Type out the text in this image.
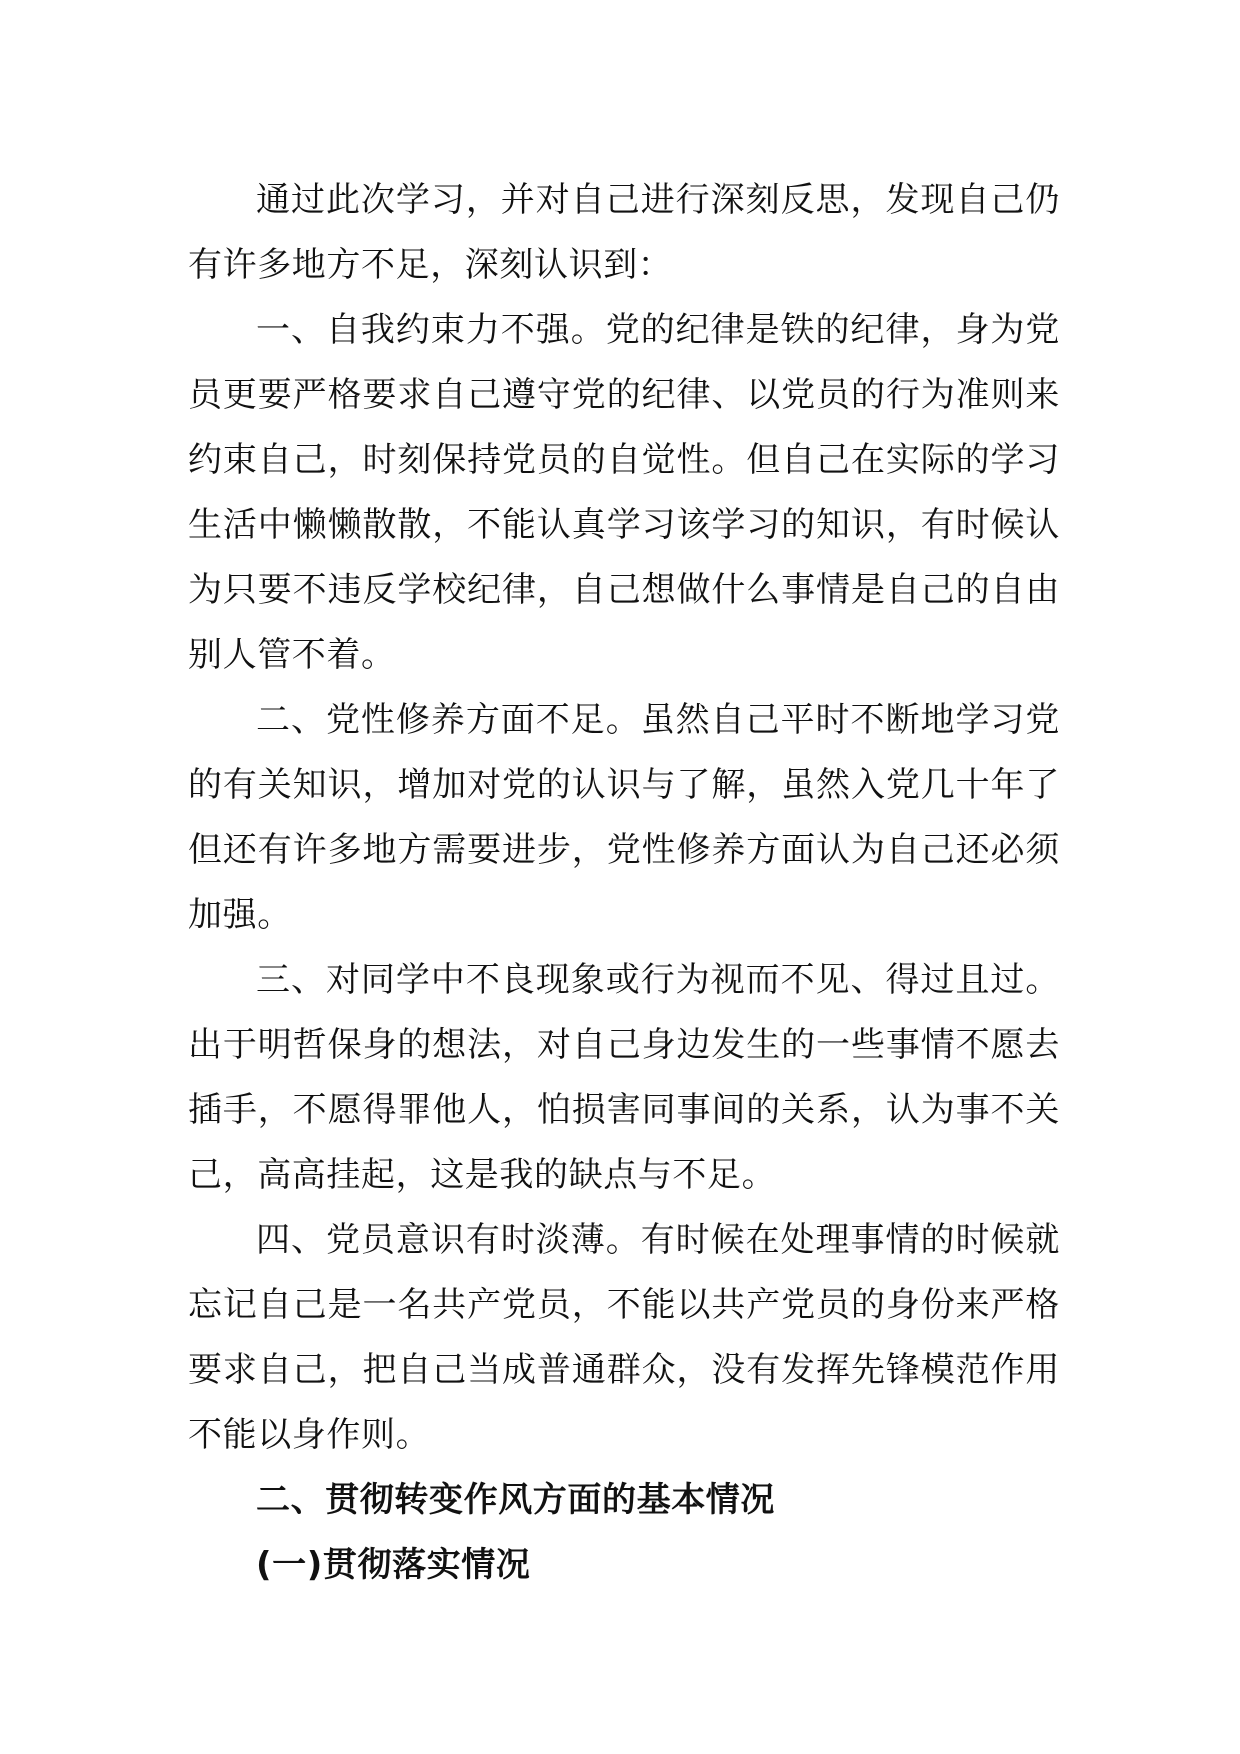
通过此次学习，并对自己进行深刻反思，发现自己仍有许多地方不足，深刻认识到：

一、自我约束力不强。党的纪律是铁的纪律，身为党员更要严格要求自己遵守党的纪律、以党员的行为准则来约束自己，时刻保持党员的自觉性。但自己在实际的学习生活中懒懒散散，不能认真学习该学习的知识，有时候认为只要不违反学校纪律，自己想做什么事情是自己的自由别人管不着。

二、党性修养方面不足。虽然自己平时不断地学习党的有关知识，增加对党的认识与了解，虽然入党几十年了但还有许多地方需要进步，党性修养方面认为自己还必须加强。

三、对同学中不良现象或行为视而不见、得过且过。出于明哲保身的想法，对自己身边发生的一些事情不愿去插手，不愿得罪他人，怕损害同事间的关系，认为事不关己，高高挂起，这是我的缺点与不足。

四、党员意识有时淡薄。有时候在处理事情的时候就忘记自己是一名共产党员，不能以共产党员的身份来严格要求自己，把自己当成普通群众，没有发挥先锋模范作用不能以身作则。

二、贯彻转变作风方面的基本情况

(一)贯彻落实情况
